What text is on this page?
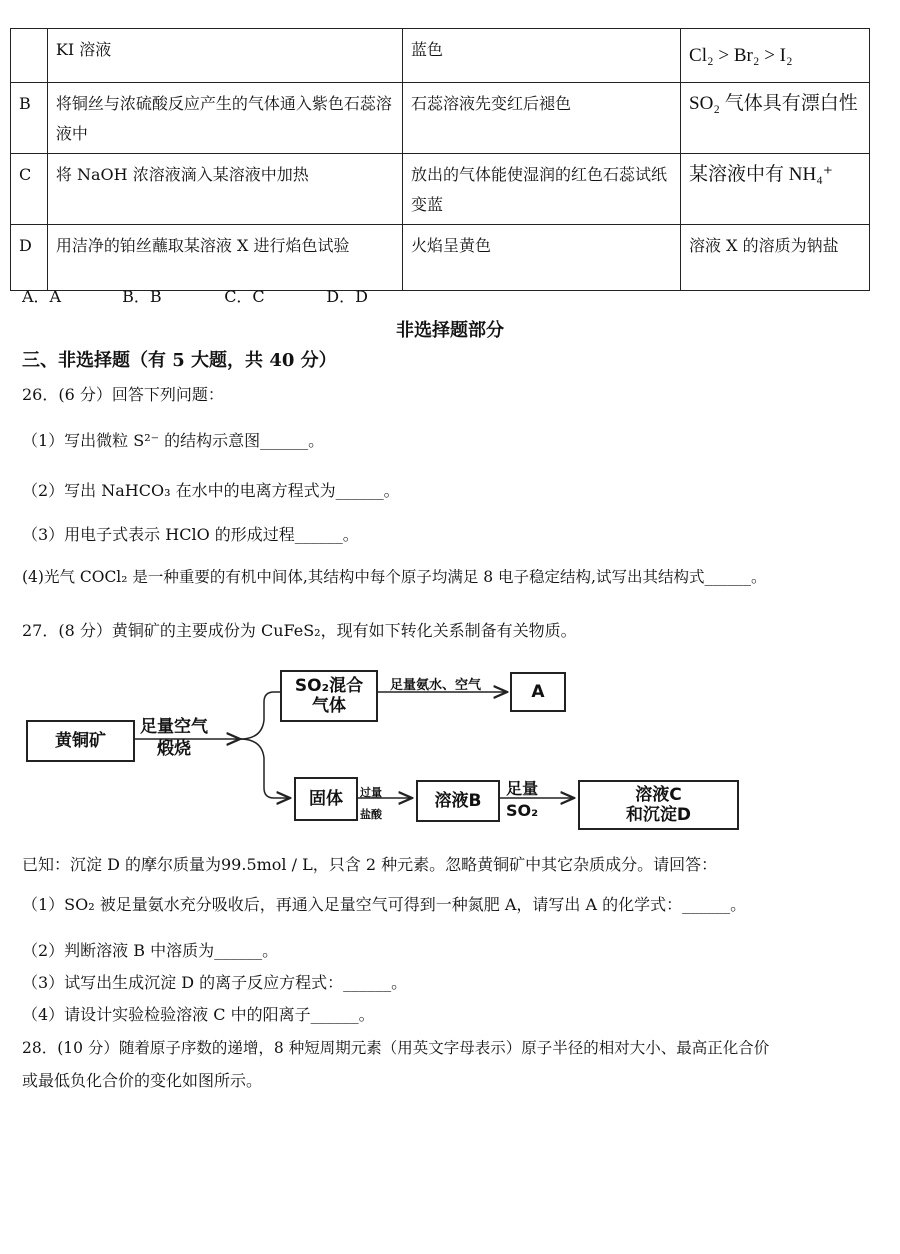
	KI 溶液	蓝色	Cl₂ > Br₂ > I₂
B	将铜丝与浓硫酸反应产生的气体通入紫色石蕊溶液中	石蕊溶液先变红后褪色	SO₂ 气体具有漂白性
C	将 NaOH 浓溶液滴入某溶液中加热	放出的气体能使湿润的红色石蕊试纸变蓝	某溶液中有 NH₄⁺
D	用洁净的铂丝蘸取某溶液 X 进行焰色试验	火焰呈黄色	溶液 X 的溶质为钠盐
A．A	B．B	C．C	D．D
非选择题部分
三、非选择题（有 5 大题，共 40 分）
26．(6 分）回答下列问题：
（1）写出微粒 S²⁻ 的结构示意图______。
（2）写出 NaHCO₃ 在水中的电离方程式为______。
（3）用电子式表示 HClO 的形成过程______。
(4)光气 COCl₂ 是一种重要的有机中间体,其结构中每个原子均满足 8 电子稳定结构,试写出其结构式______。
27．(8 分）黄铜矿的主要成份为 CuFeS₂，现有如下转化关系制备有关物质。
黄铜矿
足量空气
煅烧
SO₂混合
气体
足量氨水、空气	A
固体	过量
盐酸
溶液B
足量
SO₂
溶液C
和沉淀D
已知：沉淀 D 的摩尔质量为99.5mol / L，只含 2 种元素。忽略黄铜矿中其它杂质成分。请回答：
（1）SO₂ 被足量氨水充分吸收后，再通入足量空气可得到一种氮肥 A，请写出 A 的化学式：______。
（2）判断溶液 B 中溶质为______。
（3）试写出生成沉淀 D 的离子反应方程式：______。
（4）请设计实验检验溶液 C 中的阳离子______。
28．(10 分）随着原子序数的递增，8 种短周期元素（用英文字母表示）原子半径的相对大小、最高正化合价
或最低负化合价的变化如图所示。
